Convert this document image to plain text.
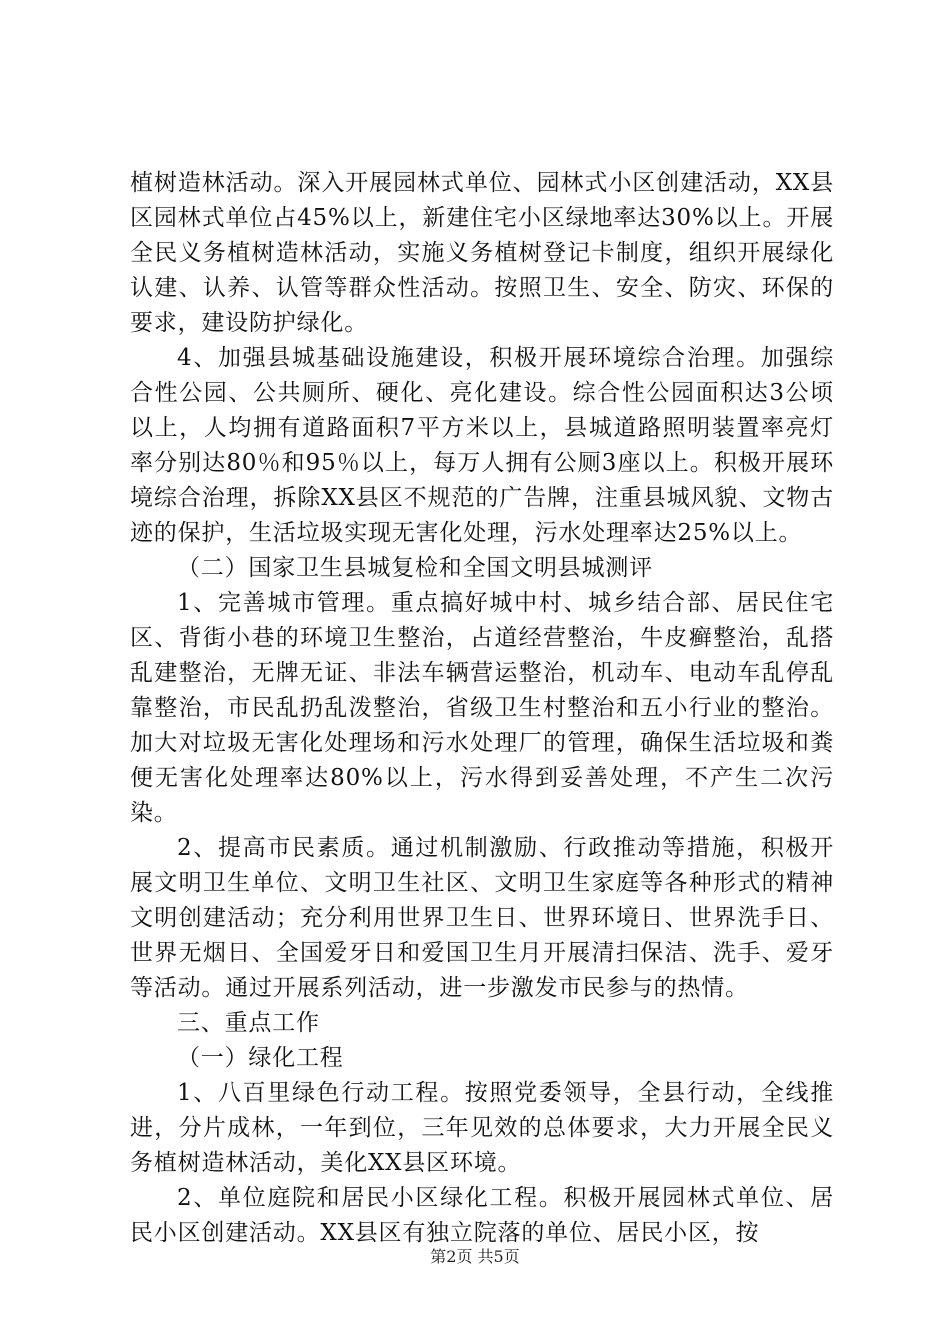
植树造林活动。深入开展园林式单位、园林式小区创建活动，XX县区园林式单位占45%以上，新建住宅小区绿地率达30%以上。开展全民义务植树造林活动，实施义务植树登记卡制度，组织开展绿化认建、认养、认管等群众性活动。按照卫生、安全、防灾、环保的要求，建设防护绿化。

4、加强县城基础设施建设，积极开展环境综合治理。加强综合性公园、公共厕所、硬化、亮化建设。综合性公园面积达3公顷以上，人均拥有道路面积7平方米以上，县城道路照明装置率亮灯率分别达80％和95％以上，每万人拥有公厕3座以上。积极开展环境综合治理，拆除XX县区不规范的广告牌，注重县城风貌、文物古迹的保护，生活垃圾实现无害化处理，污水处理率达25%以上。

（二）国家卫生县城复检和全国文明县城测评

1、完善城市管理。重点搞好城中村、城乡结合部、居民住宅区、背街小巷的环境卫生整治，占道经营整治，牛皮癣整治，乱搭乱建整治，无牌无证、非法车辆营运整治，机动车、电动车乱停乱靠整治，市民乱扔乱泼整治，省级卫生村整治和五小行业的整治。加大对垃圾无害化处理场和污水处理厂的管理，确保生活垃圾和粪便无害化处理率达80%以上，污水得到妥善处理，不产生二次污染。

2、提高市民素质。通过机制激励、行政推动等措施，积极开展文明卫生单位、文明卫生社区、文明卫生家庭等各种形式的精神文明创建活动；充分利用世界卫生日、世界环境日、世界洗手日、世界无烟日、全国爱牙日和爱国卫生月开展清扫保洁、洗手、爱牙等活动。通过开展系列活动，进一步激发市民参与的热情。

三、重点工作

（一）绿化工程

1、八百里绿色行动工程。按照党委领导，全县行动，全线推进，分片成林，一年到位，三年见效的总体要求，大力开展全民义务植树造林活动，美化XX县区环境。

2、单位庭院和居民小区绿化工程。积极开展园林式单位、居民小区创建活动。XX县区有独立院落的单位、居民小区，按

第2页 共5页
